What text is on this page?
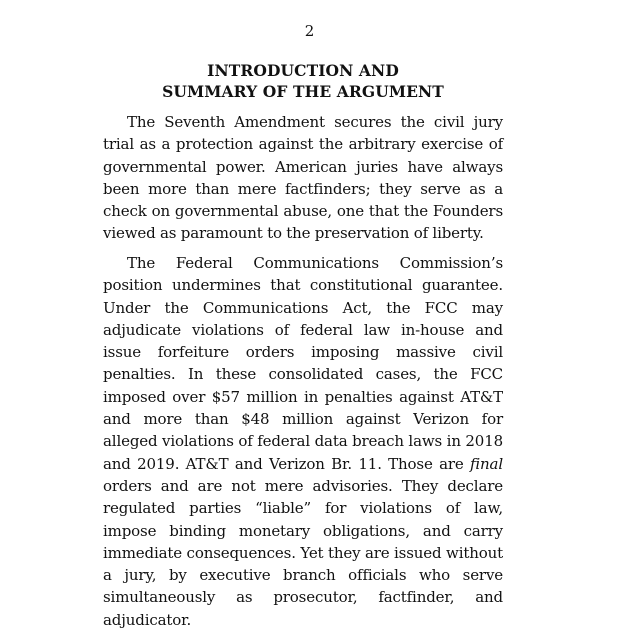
2
INTRODUCTION AND
SUMMARY OF THE ARGUMENT

The Seventh Amendment secures the civil jury trial as a protection against the arbitrary exercise of governmental power. American juries have always been more than mere factfinders; they serve as a check on governmental abuse, one that the Founders viewed as paramount to the preservation of liberty.

The Federal Communications Commission’s position undermines that constitutional guarantee. Under the Communications Act, the FCC may adjudicate violations of federal law in-house and issue forfeiture orders imposing massive civil penalties. In these consolidated cases, the FCC imposed over $57 million in penalties against AT&T and more than $48 million against Verizon for alleged violations of federal data breach laws in 2018 and 2019. AT&T and Verizon Br. 11. Those are final orders and are not mere advisories. They declare regulated parties “liable” for violations of law, impose binding monetary obligations, and carry immediate consequences. Yet they are issued without a jury, by executive branch officials who serve simultaneously as prosecutor, factfinder, and adjudicator.
